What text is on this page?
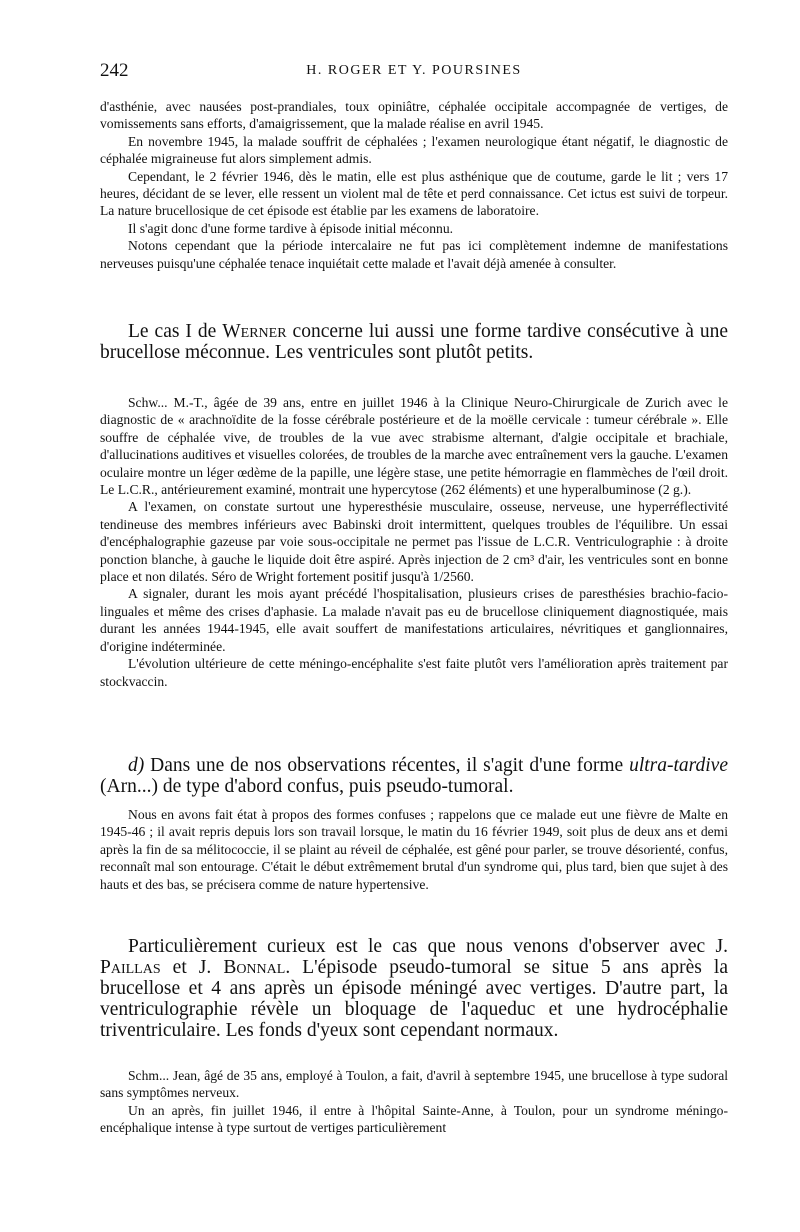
242	H. ROGER ET Y. POURSINES

d'asthénie, avec nausées post-prandiales, toux opiniâtre, céphalée occipitale accompagnée de vertiges, de vomissements sans efforts, d'amaigrissement, que la malade réalise en avril 1945.

En novembre 1945, la malade souffrit de céphalées ; l'examen neurologique étant négatif, le diagnostic de céphalée migraineuse fut alors simplement admis.

Cependant, le 2 février 1946, dès le matin, elle est plus asthénique que de coutume, garde le lit ; vers 17 heures, décidant de se lever, elle ressent un violent mal de tête et perd connaissance. Cet ictus est suivi de torpeur. La nature brucellosique de cet épisode est établie par les examens de laboratoire.

Il s'agit donc d'une forme tardive à épisode initial méconnu.

Notons cependant que la période intercalaire ne fut pas ici complètement indemne de manifestations nerveuses puisqu'une céphalée tenace inquiétait cette malade et l'avait déjà amenée à consulter.

Le cas I de Werner concerne lui aussi une forme tardive consécutive à une brucellose méconnue. Les ventricules sont plutôt petits.

Schw... M.-T., âgée de 39 ans, entre en juillet 1946 à la Clinique Neuro-Chirurgicale de Zurich avec le diagnostic de « arachnoïdite de la fosse cérébrale postérieure et de la moëlle cervicale : tumeur cérébrale ». Elle souffre de céphalée vive, de troubles de la vue avec strabisme alternant, d'algie occipitale et brachiale, d'allucinations auditives et visuelles colorées, de troubles de la marche avec entraînement vers la gauche. L'examen oculaire montre un léger œdème de la papille, une légère stase, une petite hémorragie en flammèches de l'œil droit. Le L.C.R., antérieurement examiné, montrait une hypercytose (262 éléments) et une hyperalbuminose (2 g.).

A l'examen, on constate surtout une hyperesthésie musculaire, osseuse, nerveuse, une hyperréflectivité tendineuse des membres inférieurs avec Babinski droit intermittent, quelques troubles de l'équilibre. Un essai d'encéphalographie gazeuse par voie sous-occipitale ne permet pas l'issue de L.C.R. Ventriculographie : à droite ponction blanche, à gauche le liquide doit être aspiré. Après injection de 2 cm³ d'air, les ventricules sont en bonne place et non dilatés. Séro de Wright fortement positif jusqu'à 1/2560.

A signaler, durant les mois ayant précédé l'hospitalisation, plusieurs crises de paresthésies brachio-facio-linguales et même des crises d'aphasie. La malade n'avait pas eu de brucellose cliniquement diagnostiquée, mais durant les années 1944-1945, elle avait souffert de manifestations articulaires, névritiques et ganglionnaires, d'origine indéterminée.

L'évolution ultérieure de cette méningo-encéphalite s'est faite plutôt vers l'amélioration après traitement par stockvaccin.

d) Dans une de nos observations récentes, il s'agit d'une forme ultra-tardive (Arn...) de type d'abord confus, puis pseudo-tumoral.

Nous en avons fait état à propos des formes confuses ; rappelons que ce malade eut une fièvre de Malte en 1945-46 ; il avait repris depuis lors son travail lorsque, le matin du 16 février 1949, soit plus de deux ans et demi après la fin de sa mélitococcie, il se plaint au réveil de céphalée, est gêné pour parler, se trouve désorienté, confus, reconnaît mal son entourage. C'était le début extrêmement brutal d'un syndrome qui, plus tard, bien que sujet à des hauts et des bas, se précisera comme de nature hypertensive.

Particulièrement curieux est le cas que nous venons d'observer avec J. Paillas et J. Bonnal. L'épisode pseudo-tumoral se situe 5 ans après la brucellose et 4 ans après un épisode méningé avec vertiges. D'autre part, la ventriculographie révèle un bloquage de l'aqueduc et une hydrocéphalie triventriculaire. Les fonds d'yeux sont cependant normaux.

Schm... Jean, âgé de 35 ans, employé à Toulon, a fait, d'avril à septembre 1945, une brucellose à type sudoral sans symptômes nerveux.

Un an après, fin juillet 1946, il entre à l'hôpital Sainte-Anne, à Toulon, pour un syndrome méningo-encéphalique intense à type surtout de vertiges particulièrement
